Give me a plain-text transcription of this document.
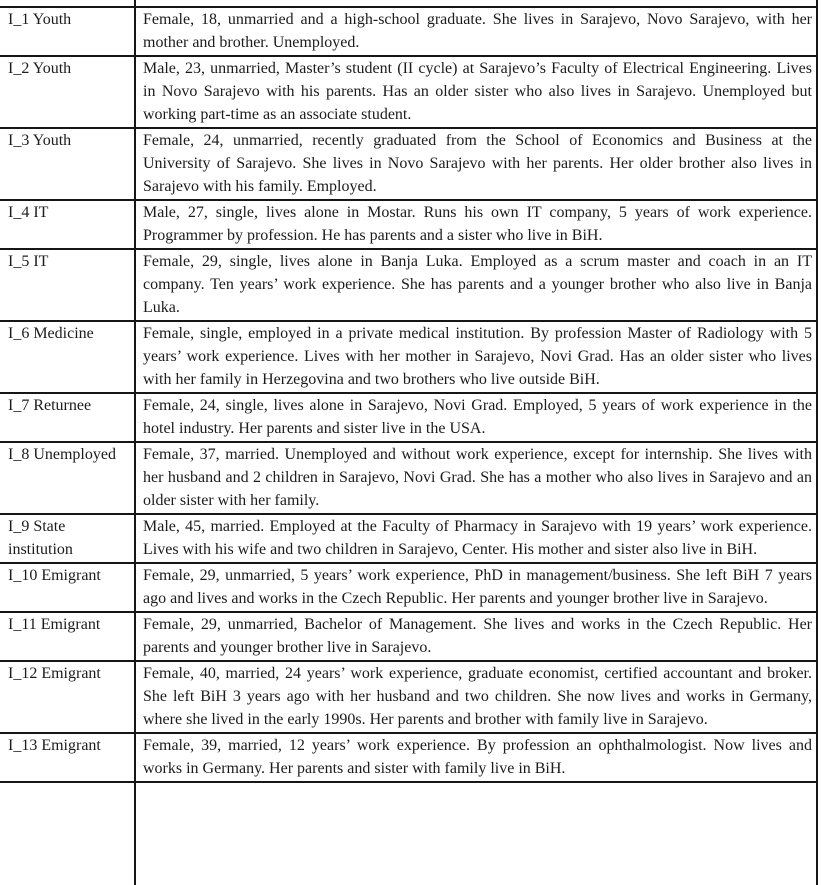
I_1 Youth	Female, 18, unmarried and a high-school graduate. She lives in Sarajevo, Novo Sarajevo, with her mother and brother. Unemployed.
I_2 Youth	Male, 23, unmarried, Master’s student (II cycle) at Sarajevo’s Faculty of Electrical Engineering. Lives in Novo Sarajevo with his parents. Has an older sister who also lives in Sarajevo. Unemployed but working part-time as an associate student.
I_3 Youth	Female, 24, unmarried, recently graduated from the School of Economics and Business at the University of Sarajevo. She lives in Novo Sarajevo with her parents. Her older brother also lives in Sarajevo with his family. Employed.
I_4 IT	Male, 27, single, lives alone in Mostar. Runs his own IT company, 5 years of work experience. Programmer by profession. He has parents and a sister who live in BiH.
I_5 IT	Female, 29, single, lives alone in Banja Luka. Employed as a scrum master and coach in an IT company. Ten years’ work experience. She has parents and a younger brother who also live in Banja Luka.
I_6 Medicine	Female, single, employed in a private medical institution. By profession Master of Radiology with 5 years’ work experience. Lives with her mother in Sarajevo, Novi Grad. Has an older sister who lives with her family in Herzegovina and two brothers who live outside BiH.
I_7 Returnee	Female, 24, single, lives alone in Sarajevo, Novi Grad. Employed, 5 years of work experience in the hotel industry. Her parents and sister live in the USA.
I_8 Unemployed	Female, 37, married. Unemployed and without work experience, except for internship. She lives with her husband and 2 children in Sarajevo, Novi Grad. She has a mother who also lives in Sarajevo and an older sister with her family.
I_9 State institution	Male, 45, married. Employed at the Faculty of Pharmacy in Sarajevo with 19 years’ work experience. Lives with his wife and two children in Sarajevo, Center. His mother and sister also live in BiH.
I_10 Emigrant	Female, 29, unmarried, 5 years’ work experience, PhD in management/business. She left BiH 7 years ago and lives and works in the Czech Republic. Her parents and younger brother live in Sarajevo.
I_11 Emigrant	Female, 29, unmarried, Bachelor of Management. She lives and works in the Czech Republic. Her parents and younger brother live in Sarajevo.
I_12 Emigrant	Female, 40, married, 24 years’ work experience, graduate economist, certified accountant and broker. She left BiH 3 years ago with her husband and two children. She now lives and works in Germany, where she lived in the early 1990s. Her parents and brother with family live in Sarajevo.
I_13 Emigrant	Female, 39, married, 12 years’ work experience. By profession an ophthalmologist. Now lives and works in Germany. Her parents and sister with family live in BiH.
